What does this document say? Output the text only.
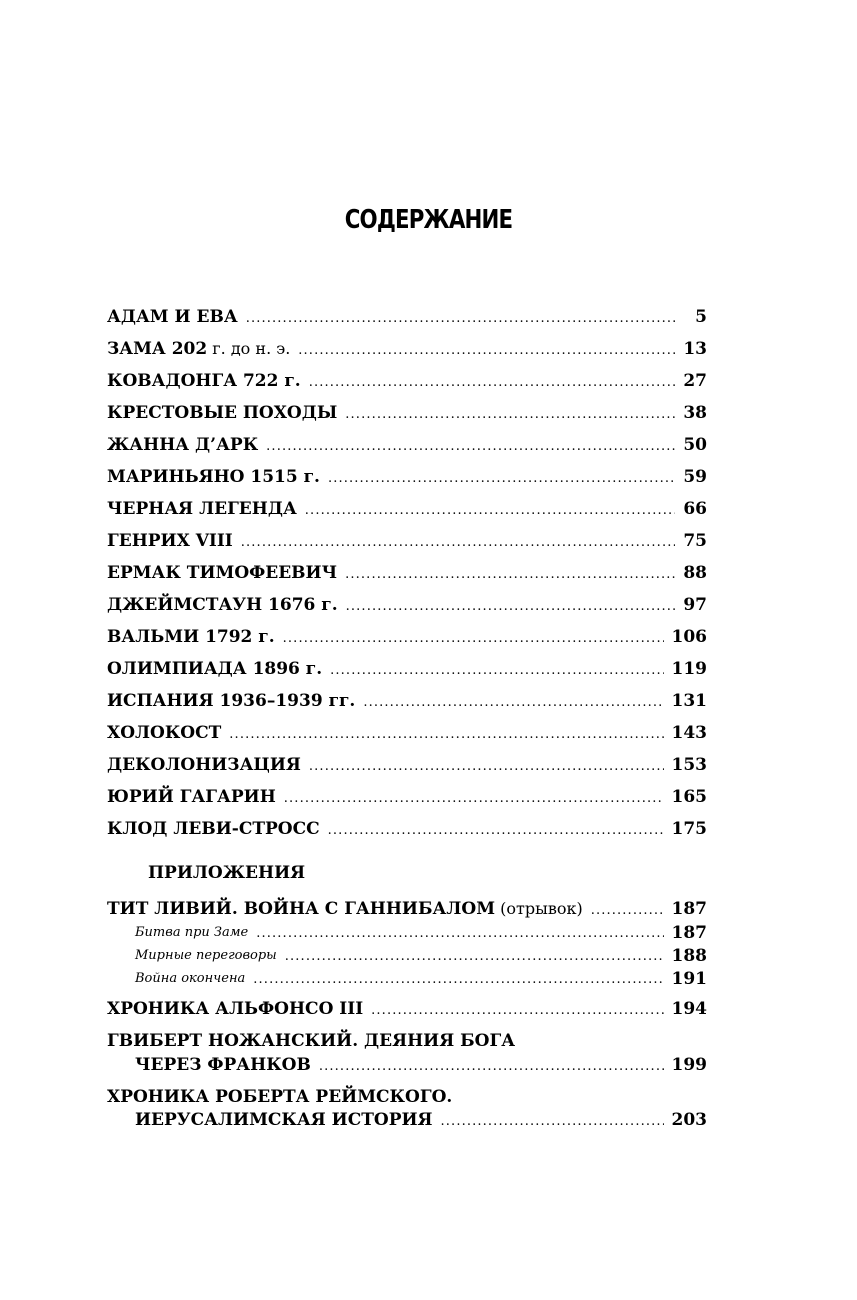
СОДЕРЖАНИЕ
АДАМ И ЕВА . . .	5
ЗАМА 202 г. до н. э. . . .	13
КОВАДОНГА 722 г. . . .	27
КРЕСТОВЫЕ ПОХОДЫ . . .	38
ЖАННА Д’АРК . . .	50
МАРИНЬЯНО 1515 г. . . .	59
ЧЕРНАЯ ЛЕГЕНДА . . .	66
ГЕНРИХ VIII . . .	75
ЕРМАК ТИМОФЕЕВИЧ . . .	88
ДЖЕЙМСТАУН 1676 г. . . .	97
ВАЛЬМИ 1792 г. . . .	106
ОЛИМПИАДА 1896 г. . . .	119
ИСПАНИЯ 1936–1939 гг. . . .	131
ХОЛОКОСТ . . .	143
ДЕКОЛОНИЗАЦИЯ . . .	153
ЮРИЙ ГАГАРИН . . .	165
КЛОД ЛЕВИ-СТРОСС . . .	175
ПРИЛОЖЕНИЯ
ТИТ ЛИВИЙ. ВОЙНА С ГАННИБАЛОМ (отрывок) . . .	187
Битва при Заме . . .	187
Мирные переговоры . . .	188
Война окончена . . .	191
ХРОНИКА АЛЬФОНСО III . . .	194
ГВИБЕРТ НОЖАНСКИЙ. ДЕЯНИЯ БОГА
ЧЕРЕЗ ФРАНКОВ . . .	199
ХРОНИКА РОБЕРТА РЕЙМСКОГО.
ИЕРУСАЛИМСКАЯ ИСТОРИЯ . . .	203
